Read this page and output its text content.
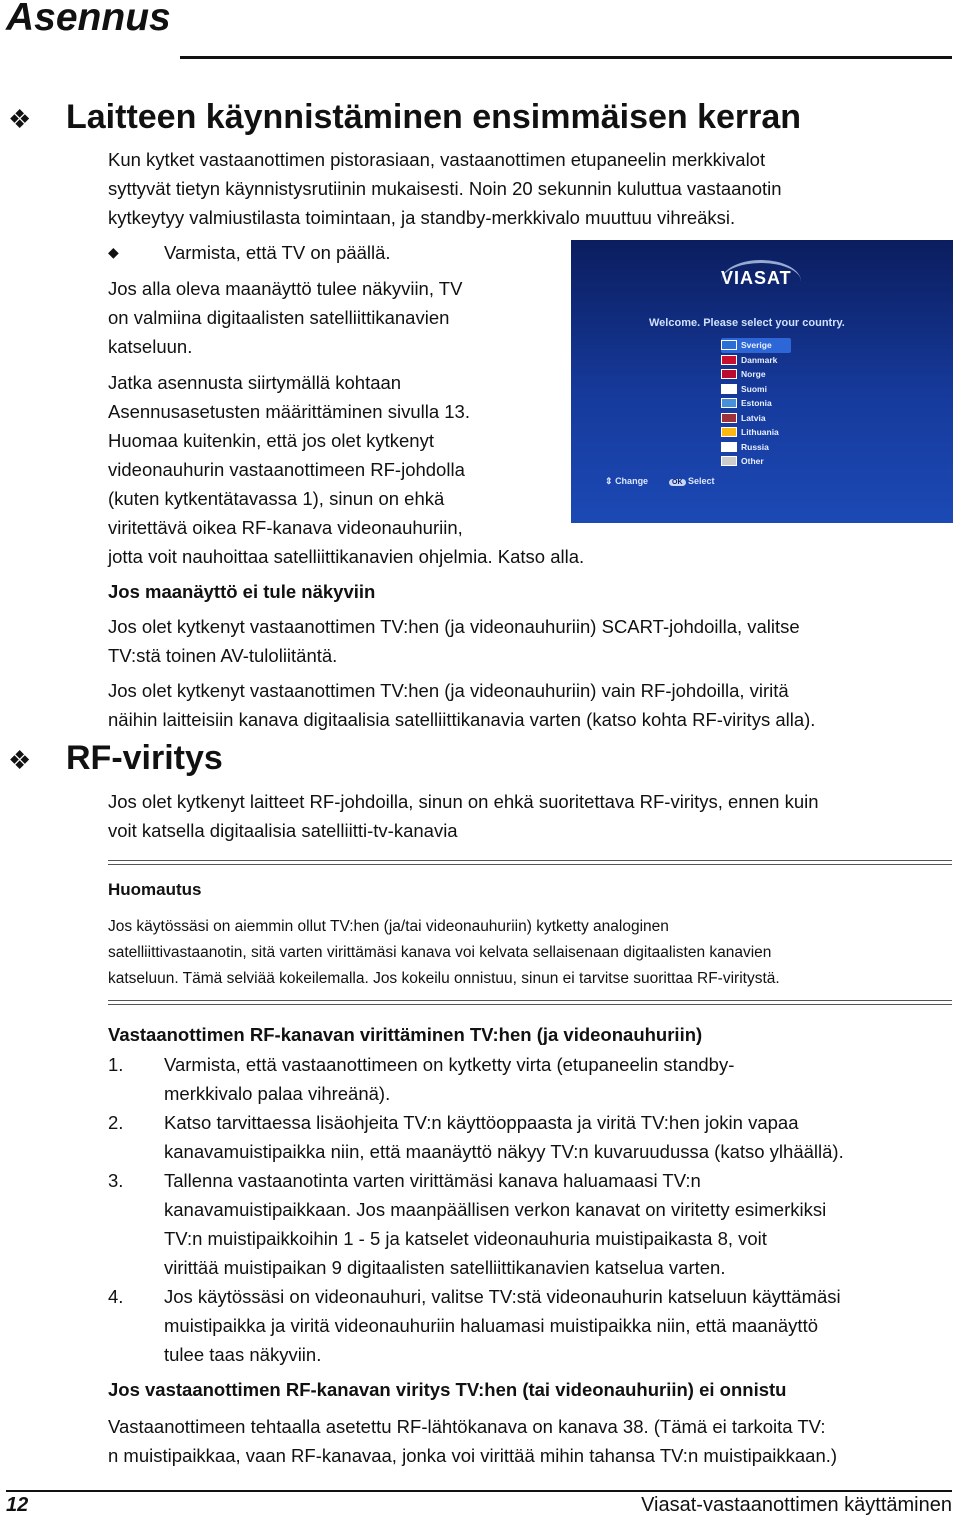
Asennus
❖ Laitteen käynnistäminen ensimmäisen kerran
Kun kytket vastaanottimen pistorasiaan, vastaanottimen etupaneelin merkkivalot
syttyvät tietyn käynnistysrutiinin mukaisesti. Noin 20 sekunnin kuluttua vastaanotin
kytkeytyy valmiustilasta toimintaan, ja standby-merkkivalo muuttuu vihreäksi.
◆ Varmista, että TV on päällä.
Jos alla oleva maanäyttö tulee näkyviin, TV
on valmiina digitaalisten satelliittikanavien
katseluun.
Jatka asennusta siirtymällä kohtaan
Asennusasetusten määrittäminen sivulla 13.
Huomaa kuitenkin, että jos olet kytkenyt
videonauhurin vastaanottimeen RF-johdolla
(kuten kytkentätavassa 1), sinun on ehkä
viritettävä oikea RF-kanava videonauhuriin,
jotta voit nauhoittaa satelliittikanavien ohjelmia. Katso alla.
VIASAT
Welcome. Please select your country.
Sverige
Danmark
Norge
Suomi
Estonia
Latvia
Lithuania
Russia
Other
⇕ Change	OK Select
Jos maanäyttö ei tule näkyviin
Jos olet kytkenyt vastaanottimen TV:hen (ja videonauhuriin) SCART-johdoilla, valitse
TV:stä toinen AV-tuloliitäntä.
Jos olet kytkenyt vastaanottimen TV:hen (ja videonauhuriin) vain RF-johdoilla, viritä
näihin laitteisiin kanava digitaalisia satelliittikanavia varten (katso kohta RF-viritys alla).
❖ RF-viritys
Jos olet kytkenyt laitteet RF-johdoilla, sinun on ehkä suoritettava RF-viritys, ennen kuin
voit katsella digitaalisia satelliitti-tv-kanavia
Huomautus
Jos käytössäsi on aiemmin ollut TV:hen (ja/tai videonauhuriin) kytketty analoginen
satelliittivastaanotin, sitä varten virittämäsi kanava voi kelvata sellaisenaan digitaalisten kanavien
katseluun. Tämä selviää kokeilemalla. Jos kokeilu onnistuu, sinun ei tarvitse suorittaa RF-viritystä.
Vastaanottimen RF-kanavan virittäminen TV:hen (ja videonauhuriin)
1. Varmista, että vastaanottimeen on kytketty virta (etupaneelin standby-
merkkivalo palaa vihreänä).
2. Katso tarvittaessa lisäohjeita TV:n käyttöoppaasta ja viritä TV:hen jokin vapaa
kanavamuistipaikka niin, että maanäyttö näkyy TV:n kuvaruudussa (katso ylhäällä).
3. Tallenna vastaanotinta varten virittämäsi kanava haluamaasi TV:n
kanavamuistipaikkaan. Jos maanpäällisen verkon kanavat on viritetty esimerkiksi
TV:n muistipaikkoihin 1 - 5 ja katselet videonauhuria muistipaikasta 8, voit
virittää muistipaikan 9 digitaalisten satelliittikanavien katselua varten.
4. Jos käytössäsi on videonauhuri, valitse TV:stä videonauhurin katseluun käyttämäsi
muistipaikka ja viritä videonauhuriin haluamasi muistipaikka niin, että maanäyttö
tulee taas näkyviin.
Jos vastaanottimen RF-kanavan viritys TV:hen (tai videonauhuriin) ei onnistu
Vastaanottimeen tehtaalla asetettu RF-lähtökanava on kanava 38. (Tämä ei tarkoita TV:
n muistipaikkaa, vaan RF-kanavaa, jonka voi virittää mihin tahansa TV:n muistipaikkaan.)
12	Viasat-vastaanottimen käyttäminen
